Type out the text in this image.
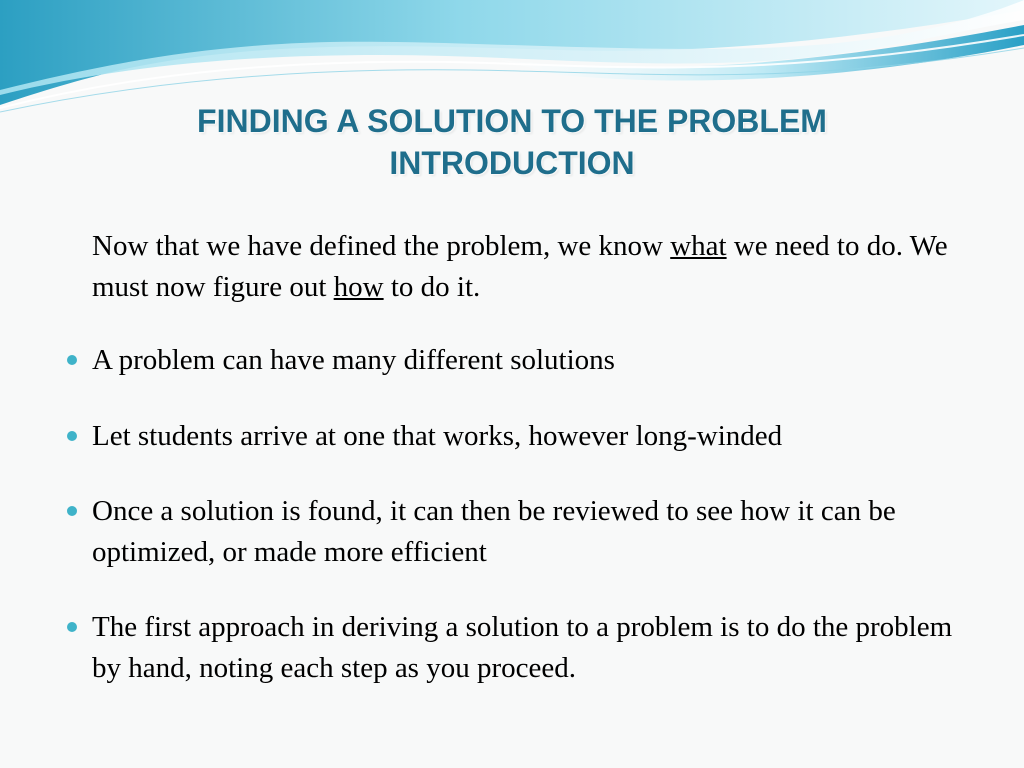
FINDING A SOLUTION TO THE PROBLEM
INTRODUCTION
Now that we have defined the problem, we know what we need to do. We must now figure out how to do it.
A problem can have many different solutions
Let students arrive at one that works, however long-winded
Once a solution is found, it can then be reviewed to see how it can be optimized, or made more efficient
The first approach in deriving a solution to a problem is to do the problem by hand, noting each step as you proceed.
